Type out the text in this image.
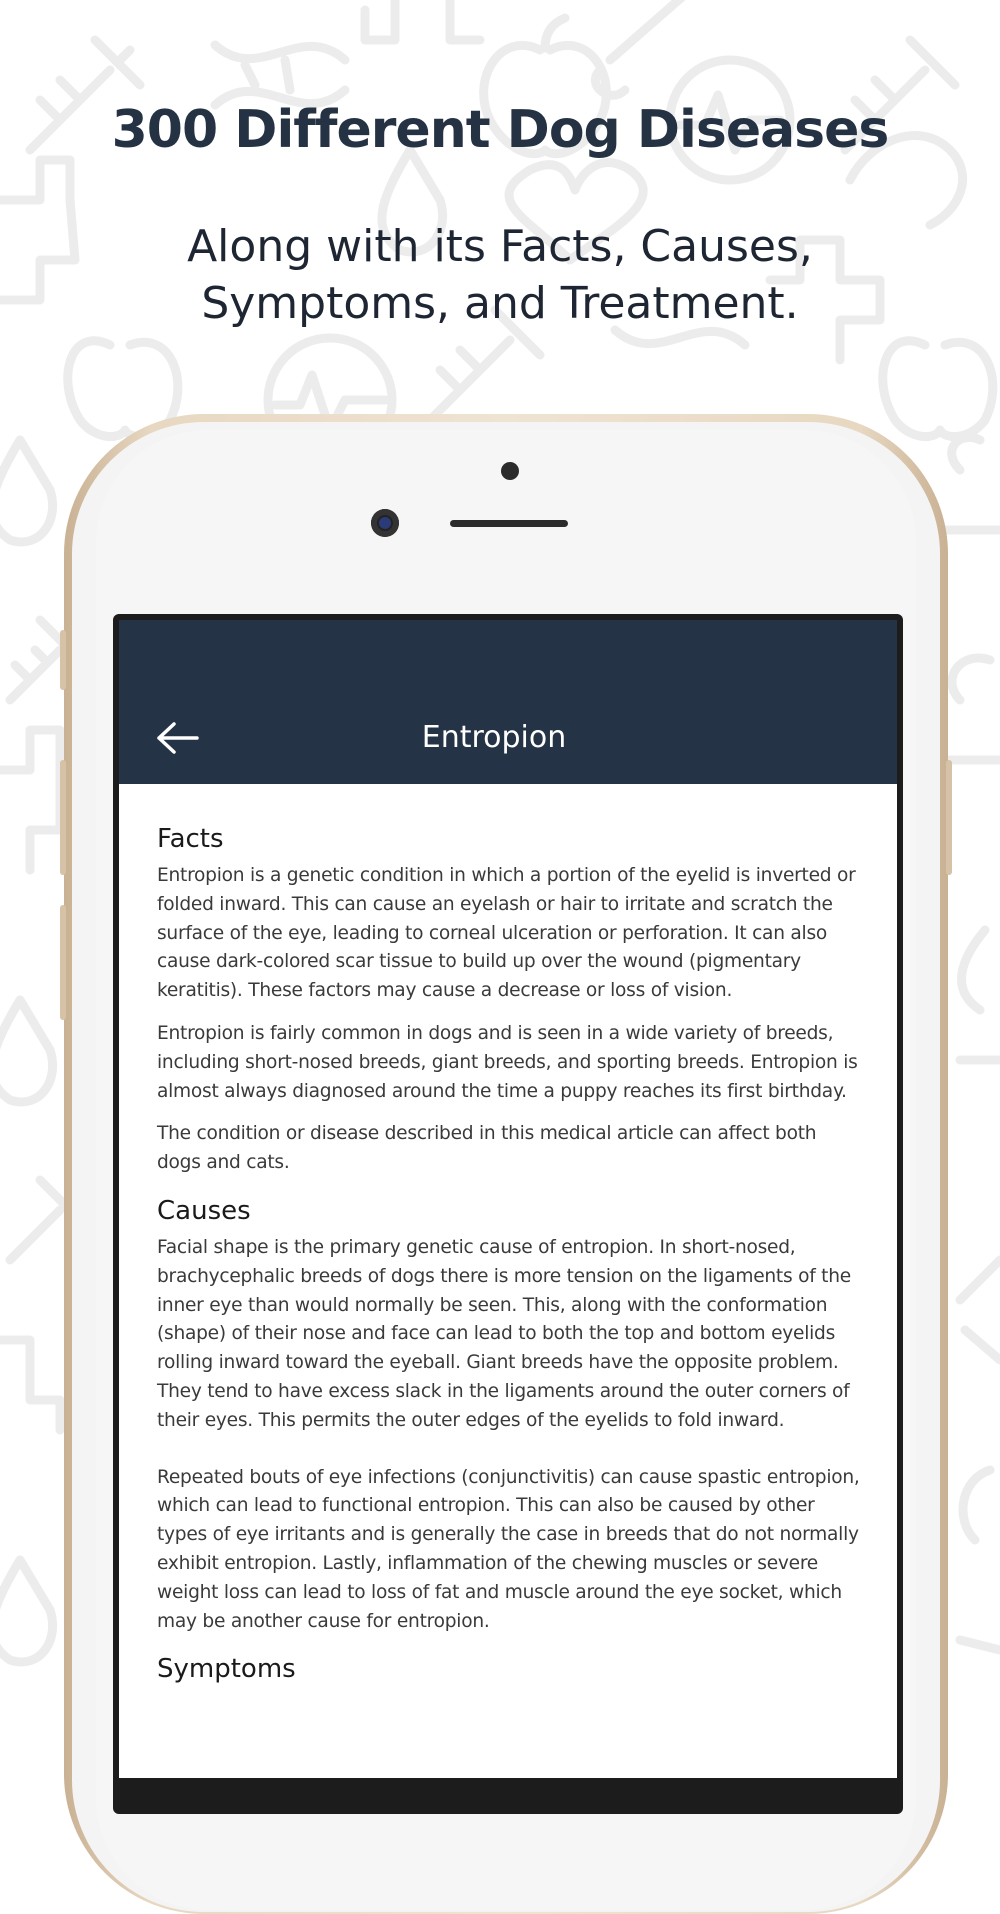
300 Different Dog Diseases

Along with its Facts, Causes, Symptoms, and Treatment.

Entropion
Facts

Entropion is a genetic condition in which a portion of the eyelid is inverted or folded inward. This can cause an eyelash or hair to irritate and scratch the surface of the eye, leading to corneal ulceration or perforation. It can also cause dark-colored scar tissue to build up over the wound (pigmentary keratitis). These factors may cause a decrease or loss of vision.

Entropion is fairly common in dogs and is seen in a wide variety of breeds, including short-nosed breeds, giant breeds, and sporting breeds. Entropion is almost always diagnosed around the time a puppy reaches its first birthday.

The condition or disease described in this medical article can affect both dogs and cats.

Causes

Facial shape is the primary genetic cause of entropion. In short-nosed, brachycephalic breeds of dogs there is more tension on the ligaments of the inner eye than would normally be seen. This, along with the conformation (shape) of their nose and face can lead to both the top and bottom eyelids rolling inward toward the eyeball. Giant breeds have the opposite problem. They tend to have excess slack in the ligaments around the outer corners of their eyes. This permits the outer edges of the eyelids to fold inward.

Repeated bouts of eye infections (conjunctivitis) can cause spastic entropion, which can lead to functional entropion. This can also be caused by other types of eye irritants and is generally the case in breeds that do not normally exhibit entropion. Lastly, inflammation of the chewing muscles or severe weight loss can lead to loss of fat and muscle around the eye socket, which may be another cause for entropion.

Symptoms
